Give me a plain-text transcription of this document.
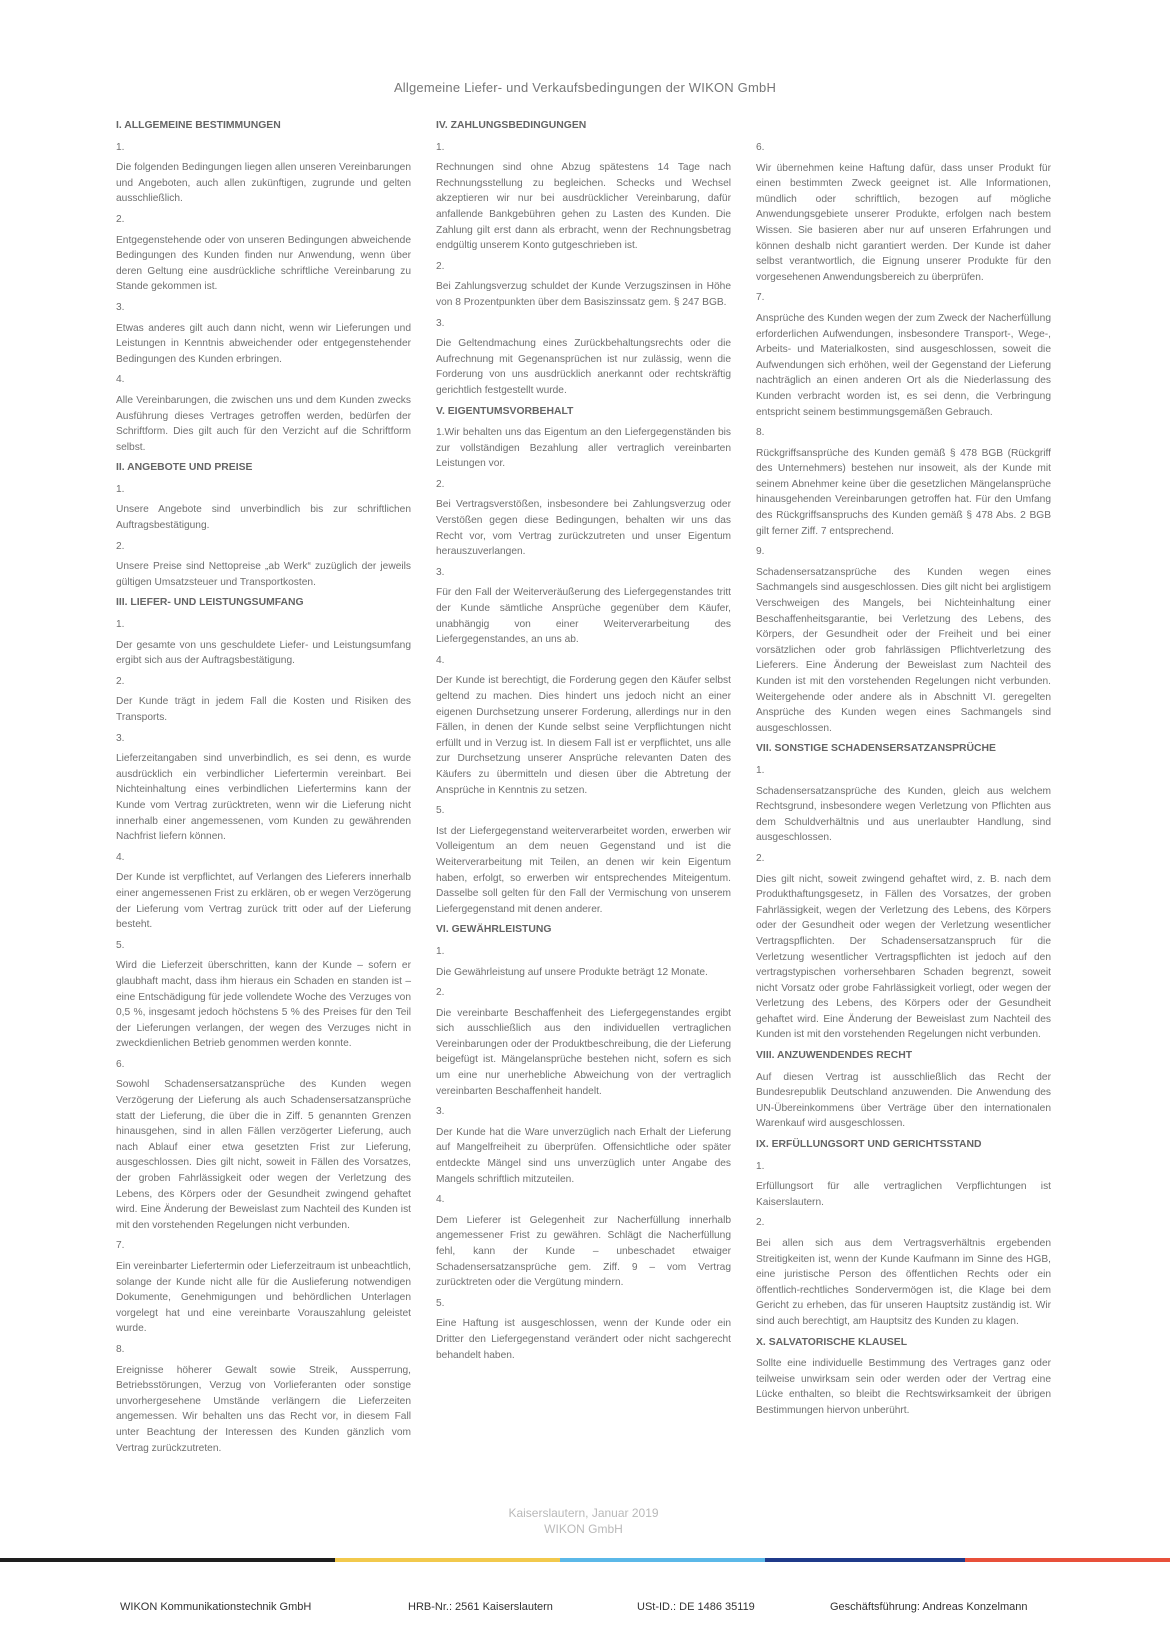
Allgemeine Liefer- und Verkaufsbedingungen der WIKON GmbH
I. ALLGEMEINE BESTIMMUNGEN
1.
Die folgenden Bedingungen liegen allen unseren Vereinbarungen und Angeboten, auch allen zukünftigen, zugrunde und gelten ausschließlich.
2.
Entgegenstehende oder von unseren Bedingungen abweichende Bedingungen des Kunden finden nur Anwendung, wenn über deren Geltung eine ausdrückliche schriftliche Vereinbarung zu Stande gekommen ist.
3.
Etwas anderes gilt auch dann nicht, wenn wir Lieferungen und Leistungen in Kenntnis abweichender oder entgegenstehender Bedingungen des Kunden erbringen.
4.
Alle Vereinbarungen, die zwischen uns und dem Kunden zwecks Ausführung dieses Vertrages getroffen werden, bedürfen der Schriftform. Dies gilt auch für den Verzicht auf die Schriftform selbst.
II. ANGEBOTE UND PREISE
1.
Unsere Angebote sind unverbindlich bis zur schriftlichen Auftragsbestätigung.
2.
Unsere Preise sind Nettopreise „ab Werk“ zuzüglich der jeweils gültigen Umsatzsteuer und Transportkosten.
III. LIEFER- UND LEISTUNGSUMFANG
1.
Der gesamte von uns geschuldete Liefer- und Leistungsumfang ergibt sich aus der Auftragsbestätigung.
2.
Der Kunde trägt in jedem Fall die Kosten und Risiken des Transports.
3.
Lieferzeitangaben sind unverbindlich, es sei denn, es wurde ausdrücklich ein verbindlicher Liefertermin vereinbart. Bei Nichteinhaltung eines verbindlichen Liefertermins kann der Kunde vom Vertrag zurücktreten, wenn wir die Lieferung nicht innerhalb einer angemessenen, vom Kunden zu gewährenden Nachfrist liefern können.
4.
Der Kunde ist verpflichtet, auf Verlangen des Lieferers innerhalb einer angemessenen Frist zu erklären, ob er wegen Verzögerung der Lieferung vom Vertrag zurück tritt oder auf der Lieferung besteht.
5.
Wird die Lieferzeit überschritten, kann der Kunde – sofern er glaubhaft macht, dass ihm hieraus ein Schaden en standen ist – eine Entschädigung für jede vollendete Woche des Verzuges von 0,5 %, insgesamt jedoch höchstens 5 % des Preises für den Teil der Lieferungen verlangen, der wegen des Verzuges nicht in zweckdienlichen Betrieb genommen werden konnte.
6.
Sowohl Schadensersatzansprüche des Kunden wegen Verzögerung der Lieferung als auch Schadensersatzansprüche statt der Lieferung, die über die in Ziff. 5 genannten Grenzen hinausgehen, sind in allen Fällen verzögerter Lieferung, auch nach Ablauf einer etwa gesetzten Frist zur Lieferung, ausgeschlossen. Dies gilt nicht, soweit in Fällen des Vorsatzes, der groben Fahrlässigkeit oder wegen der Verletzung des Lebens, des Körpers oder der Gesundheit zwingend gehaftet wird. Eine Änderung der Beweislast zum Nachteil des Kunden ist mit den vorstehenden Regelungen nicht verbunden.
7.
Ein vereinbarter Liefertermin oder Lieferzeitraum ist unbeachtlich, solange der Kunde nicht alle für die Auslieferung notwendigen Dokumente, Genehmigungen und behördlichen Unterlagen vorgelegt hat und eine vereinbarte Vorauszahlung geleistet wurde.
8.
Ereignisse höherer Gewalt sowie Streik, Aussperrung, Betriebsstörungen, Verzug von Vorlieferanten oder sonstige unvorhergesehene Umstände verlängern die Lieferzeiten angemessen. Wir behalten uns das Recht vor, in diesem Fall unter Beachtung der Interessen des Kunden gänzlich vom Vertrag zurückzutreten.
IV. ZAHLUNGSBEDINGUNGEN
1.
Rechnungen sind ohne Abzug spätestens 14 Tage nach Rechnungsstellung zu begleichen. Schecks und Wechsel akzeptieren wir nur bei ausdrücklicher Vereinbarung, dafür anfallende Bankgebühren gehen zu Lasten des Kunden. Die Zahlung gilt erst dann als erbracht, wenn der Rechnungsbetrag endgültig unserem Konto gutgeschrieben ist.
2.
Bei Zahlungsverzug schuldet der Kunde Verzugszinsen in Höhe von 8 Prozentpunkten über dem Basiszinssatz gem. § 247 BGB.
3.
Die Geltendmachung eines Zurückbehaltungsrechts oder die Aufrechnung mit Gegenansprüchen ist nur zulässig, wenn die Forderung von uns ausdrücklich anerkannt oder rechtskräftig gerichtlich festgestellt wurde.
V. EIGENTUMSVORBEHALT
1.Wir behalten uns das Eigentum an den Liefergegenständen bis zur vollständigen Bezahlung aller vertraglich vereinbarten Leistungen vor.
2.
Bei Vertragsverstößen, insbesondere bei Zahlungsverzug oder Verstößen gegen diese Bedingungen, behalten wir uns das Recht vor, vom Vertrag zurückzutreten und unser Eigentum herauszuverlangen.
3.
Für den Fall der Weiterveräußerung des Liefergegenstandes tritt der Kunde sämtliche Ansprüche gegenüber dem Käufer, unabhängig von einer Weiterverarbeitung des Liefergegenstandes, an uns ab.
4.
Der Kunde ist berechtigt, die Forderung gegen den Käufer selbst geltend zu machen. Dies hindert uns jedoch nicht an einer eigenen Durchsetzung unserer Forderung, allerdings nur in den Fällen, in denen der Kunde selbst seine Verpflichtungen nicht erfüllt und in Verzug ist. In diesem Fall ist er verpflichtet, uns alle zur Durchsetzung unserer Ansprüche relevanten Daten des Käufers zu übermitteln und diesen über die Abtretung der Ansprüche in Kenntnis zu setzen.
5.
Ist der Liefergegenstand weiterverarbeitet worden, erwerben wir Volleigentum an dem neuen Gegenstand und ist die Weiterverarbeitung mit Teilen, an denen wir kein Eigentum haben, erfolgt, so erwerben wir entsprechendes Miteigentum. Dasselbe soll gelten für den Fall der Vermischung von unserem Liefergegenstand mit denen anderer.
VI. GEWÄHRLEISTUNG
1.
Die Gewährleistung auf unsere Produkte beträgt 12 Monate.
2.
Die vereinbarte Beschaffenheit des Liefergegenstandes ergibt sich ausschließlich aus den individuellen vertraglichen Vereinbarungen oder der Produktbeschreibung, die der Lieferung beigefügt ist. Mängelansprüche bestehen nicht, sofern es sich um eine nur unerhebliche Abweichung von der vertraglich vereinbarten Beschaffenheit handelt.
3.
Der Kunde hat die Ware unverzüglich nach Erhalt der Lieferung auf Mangelfreiheit zu überprüfen. Offensichtliche oder später entdeckte Mängel sind uns unverzüglich unter Angabe des Mangels schriftlich mitzuteilen.
4.
Dem Lieferer ist Gelegenheit zur Nacherfüllung innerhalb angemessener Frist zu gewähren. Schlägt die Nacherfüllung fehl, kann der Kunde – unbeschadet etwaiger Schadensersatzansprüche gem. Ziff. 9 – vom Vertrag zurücktreten oder die Vergütung mindern.
5.
Eine Haftung ist ausgeschlossen, wenn der Kunde oder ein Dritter den Liefergegenstand verändert oder nicht sachgerecht behandelt haben.
6.
Wir übernehmen keine Haftung dafür, dass unser Produkt für einen bestimmten Zweck geeignet ist. Alle Informationen, mündlich oder schriftlich, bezogen auf mögliche Anwendungsgebiete unserer Produkte, erfolgen nach bestem Wissen. Sie basieren aber nur auf unseren Erfahrungen und können deshalb nicht garantiert werden. Der Kunde ist daher selbst verantwortlich, die Eignung unserer Produkte für den vorgesehenen Anwendungsbereich zu überprüfen.
7.
Ansprüche des Kunden wegen der zum Zweck der Nacherfüllung erforderlichen Aufwendungen, insbesondere Transport-, Wege-, Arbeits- und Materialkosten, sind ausgeschlossen, soweit die Aufwendungen sich erhöhen, weil der Gegenstand der Lieferung nachträglich an einen anderen Ort als die Niederlassung des Kunden verbracht worden ist, es sei denn, die Verbringung entspricht seinem bestimmungsgemäßen Gebrauch.
8.
Rückgriffsansprüche des Kunden gemäß § 478 BGB (Rückgriff des Unternehmers) bestehen nur insoweit, als der Kunde mit seinem Abnehmer keine über die gesetzlichen Mängelansprüche hinausgehenden Vereinbarungen getroffen hat. Für den Umfang des Rückgriffsanspruchs des Kunden gemäß § 478 Abs. 2 BGB gilt ferner Ziff. 7 entsprechend.
9.
Schadensersatzansprüche des Kunden wegen eines Sachmangels sind ausgeschlossen. Dies gilt nicht bei arglistigem Verschweigen des Mangels, bei Nichteinhaltung einer Beschaffenheitsgarantie, bei Verletzung des Lebens, des Körpers, der Gesundheit oder der Freiheit und bei einer vorsätzlichen oder grob fahrlässigen Pflichtverletzung des Lieferers. Eine Änderung der Beweislast zum Nachteil des Kunden ist mit den vorstehenden Regelungen nicht verbunden. Weitergehende oder andere als in Abschnitt VI. geregelten Ansprüche des Kunden wegen eines Sachmangels sind ausgeschlossen.
VII. SONSTIGE SCHADENSERSATZANSPRÜCHE
1.
Schadensersatzansprüche des Kunden, gleich aus welchem Rechtsgrund, insbesondere wegen Verletzung von Pflichten aus dem Schuldverhältnis und aus unerlaubter Handlung, sind ausgeschlossen.
2.
Dies gilt nicht, soweit zwingend gehaftet wird, z. B. nach dem Produkthaftungsgesetz, in Fällen des Vorsatzes, der groben Fahrlässigkeit, wegen der Verletzung des Lebens, des Körpers oder der Gesundheit oder wegen der Verletzung wesentlicher Vertragspflichten. Der Schadensersatzanspruch für die Verletzung wesentlicher Vertragspflichten ist jedoch auf den vertragstypischen vorhersehbaren Schaden begrenzt, soweit nicht Vorsatz oder grobe Fahrlässigkeit vorliegt, oder wegen der Verletzung des Lebens, des Körpers oder der Gesundheit gehaftet wird. Eine Änderung der Beweislast zum Nachteil des Kunden ist mit den vorstehenden Regelungen nicht verbunden.
VIII. ANZUWENDENDES RECHT
Auf diesen Vertrag ist ausschließlich das Recht der Bundesrepublik Deutschland anzuwenden. Die Anwendung des UN-Übereinkommens über Verträge über den internationalen Warenkauf wird ausgeschlossen.
IX. ERFÜLLUNGSORT UND GERICHTSSTAND
1.
Erfüllungsort für alle vertraglichen Verpflichtungen ist Kaiserslautern.
2.
Bei allen sich aus dem Vertragsverhältnis ergebenden Streitigkeiten ist, wenn der Kunde Kaufmann im Sinne des HGB, eine juristische Person des öffentlichen Rechts oder ein öffentlich-rechtliches Sondervermögen ist, die Klage bei dem Gericht zu erheben, das für unseren Hauptsitz zuständig ist. Wir sind auch berechtigt, am Hauptsitz des Kunden zu klagen.
X. SALVATORISCHE KLAUSEL
Sollte eine individuelle Bestimmung des Vertrages ganz oder teilweise unwirksam sein oder werden oder der Vertrag eine Lücke enthalten, so bleibt die Rechtswirksamkeit der übrigen Bestimmungen hiervon unberührt.
Kaiserslautern, Januar 2019
WIKON GmbH
WIKON Kommunikationstechnik GmbH	HRB-Nr.: 2561 Kaiserslautern	USt-ID.: DE 1486 35119	Geschäftsführung: Andreas Konzelmann
